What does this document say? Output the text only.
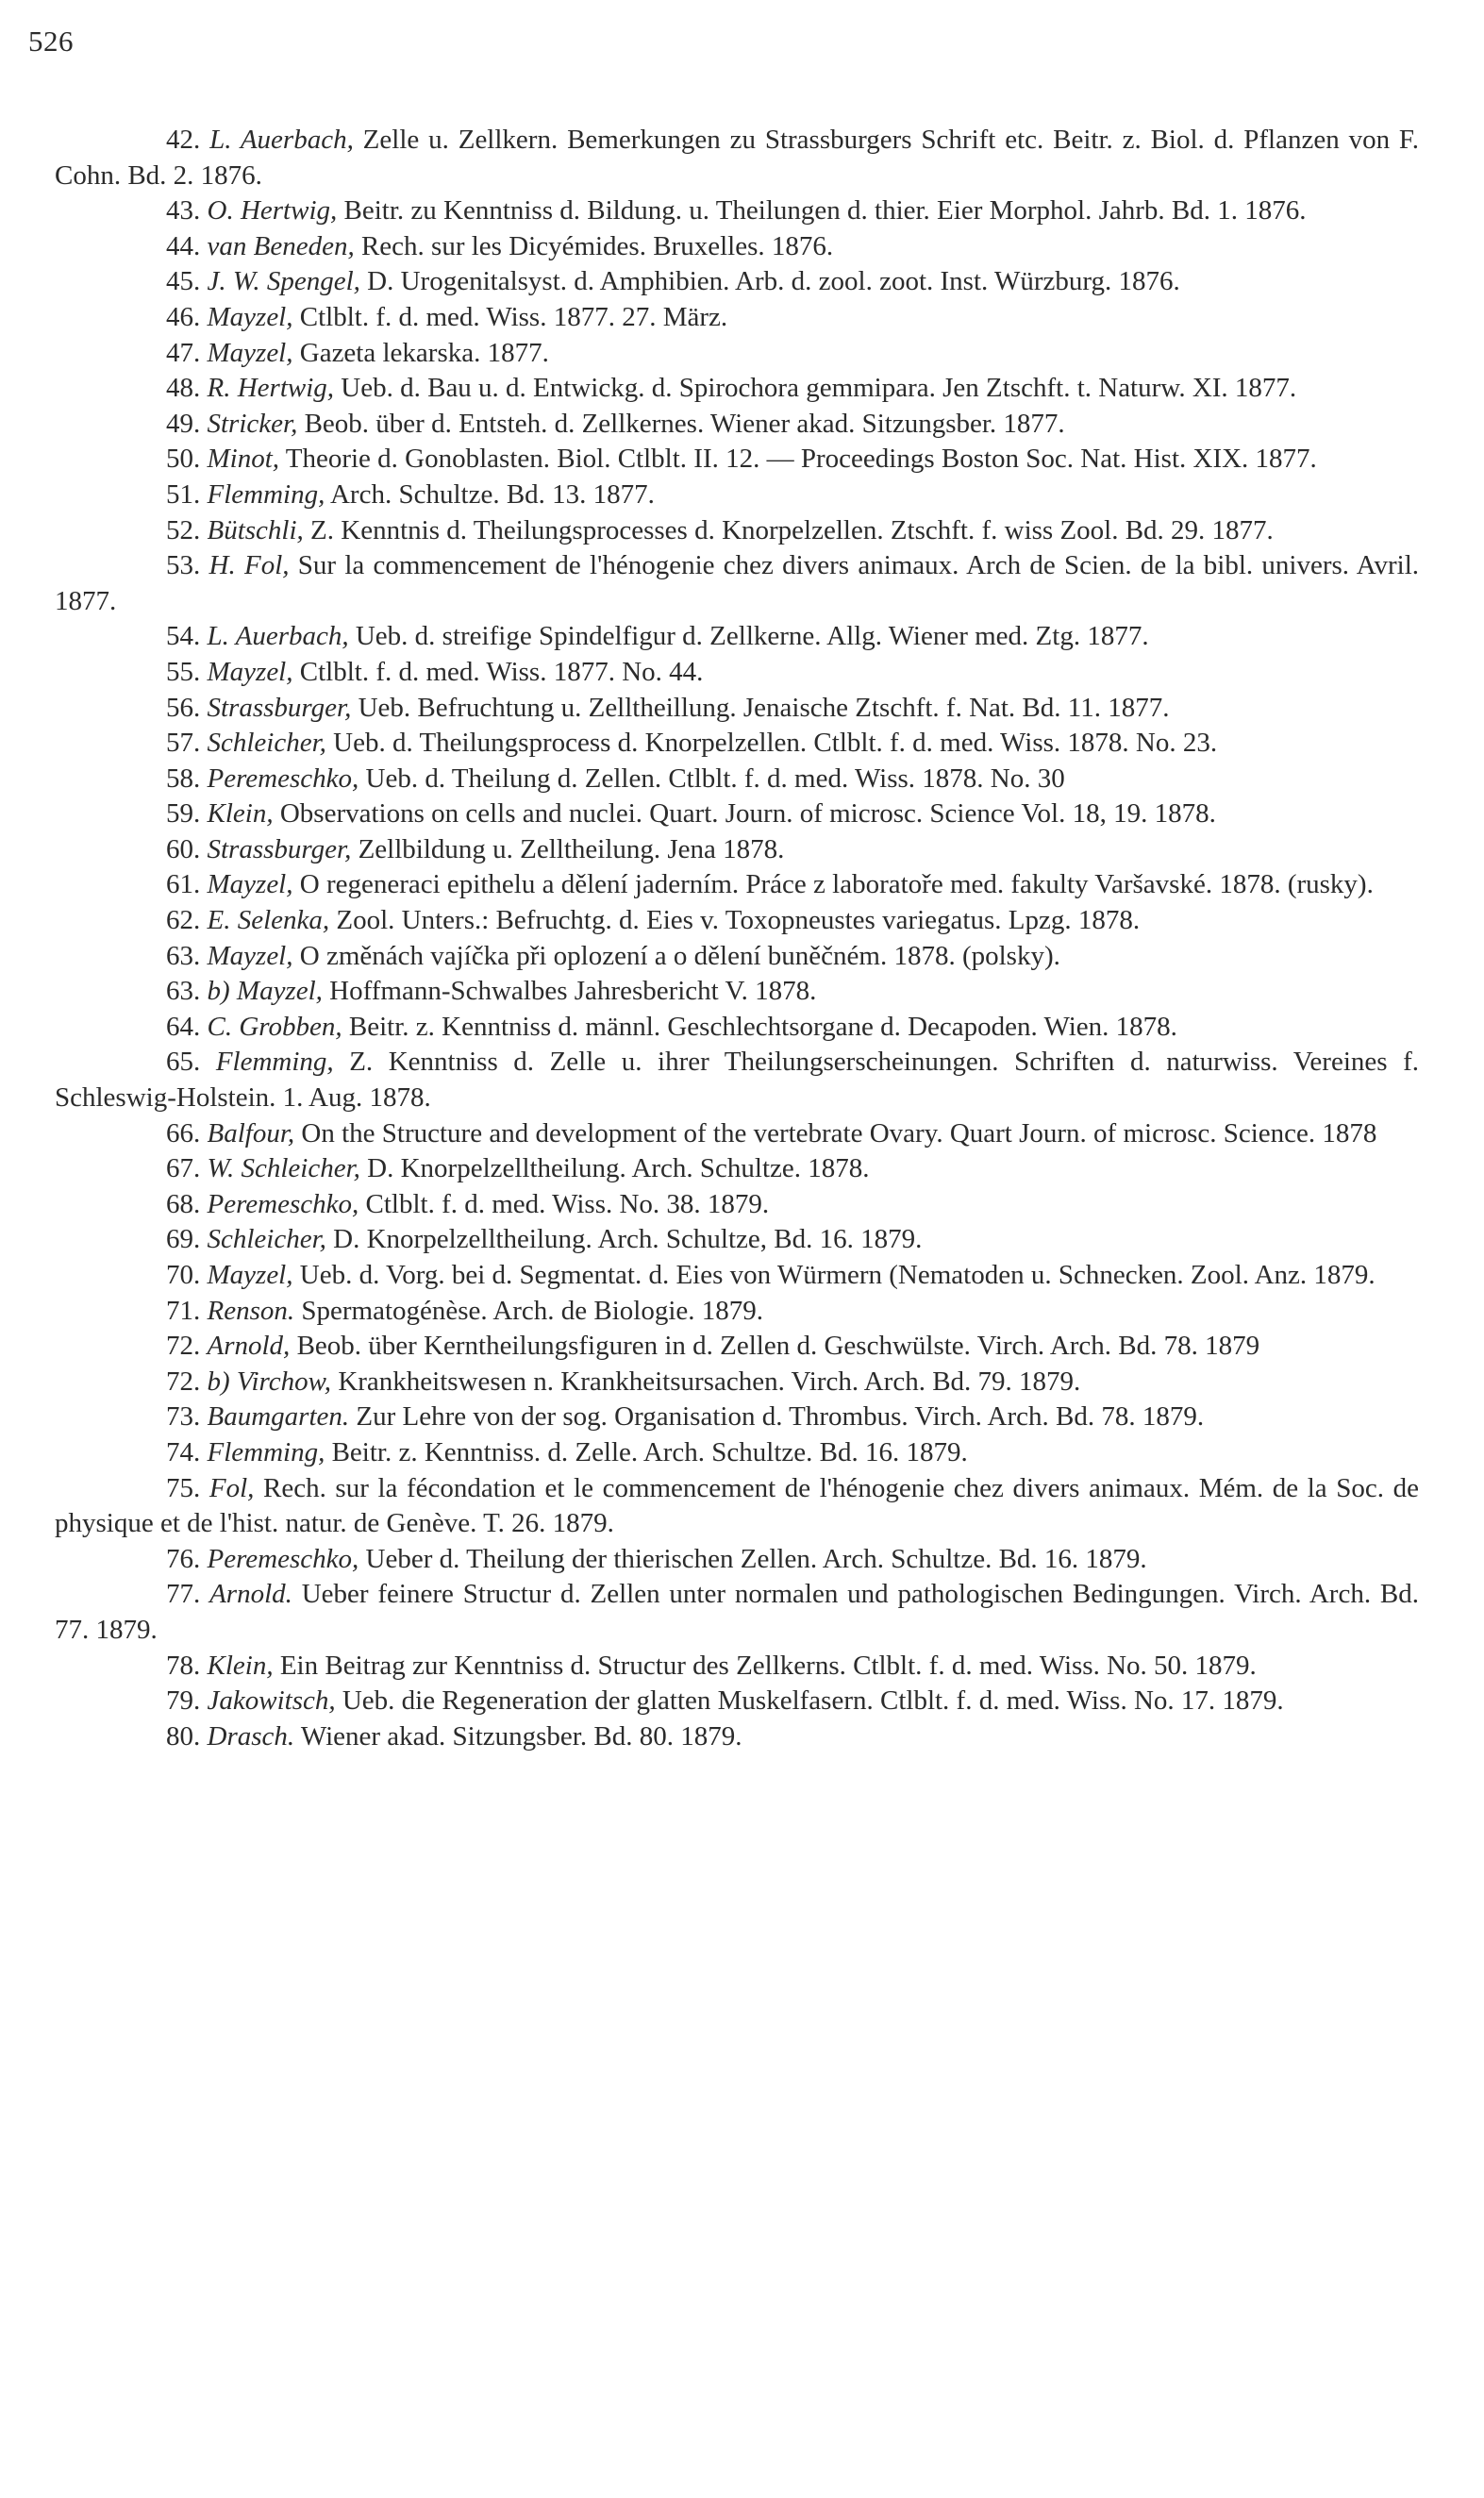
526
42. L. Auerbach, Zelle u. Zellkern. Bemerkungen zu Strassburgers Schrift etc. Beitr. z. Biol. d. Pflanzen von F. Cohn. Bd. 2. 1876.
43. O. Hertwig, Beitr. zu Kenntniss d. Bildung. u. Theilungen d. thier. Eier Morphol. Jahrb. Bd. 1. 1876.
44. van Beneden, Rech. sur les Dicyémides. Bruxelles. 1876.
45. J. W. Spengel, D. Urogenitalsyst. d. Amphibien. Arb. d. zool. zoot. Inst. Würzburg. 1876.
46. Mayzel, Ctlblt. f. d. med. Wiss. 1877. 27. März.
47. Mayzel, Gazeta lekarska. 1877.
48. R. Hertwig, Ueb. d. Bau u. d. Entwickg. d. Spirochora gemmipara. Jen Ztschft. t. Naturw. XI. 1877.
49. Stricker, Beob. über d. Entsteh. d. Zellkernes. Wiener akad. Sitzungsber. 1877.
50. Minot, Theorie d. Gonoblasten. Biol. Ctlblt. II. 12. — Proceedings Boston Soc. Nat. Hist. XIX. 1877.
51. Flemming, Arch. Schultze. Bd. 13. 1877.
52. Bütschli, Z. Kenntnis d. Theilungsprocesses d. Knorpelzellen. Ztschft. f. wiss Zool. Bd. 29. 1877.
53. H. Fol, Sur la commencement de l'hénogenie chez divers animaux. Arch de Scien. de la bibl. univers. Avril. 1877.
54. L. Auerbach, Ueb. d. streifige Spindelfigur d. Zellkerne. Allg. Wiener med. Ztg. 1877.
55. Mayzel, Ctlblt. f. d. med. Wiss. 1877. No. 44.
56. Strassburger, Ueb. Befruchtung u. Zelltheillung. Jenaische Ztschft. f. Nat. Bd. 11. 1877.
57. Schleicher, Ueb. d. Theilungsprocess d. Knorpelzellen. Ctlblt. f. d. med. Wiss. 1878. No. 23.
58. Peremeschko, Ueb. d. Theilung d. Zellen. Ctlblt. f. d. med. Wiss. 1878. No. 30
59. Klein, Observations on cells and nuclei. Quart. Journ. of microsc. Science Vol. 18, 19. 1878.
60. Strassburger, Zellbildung u. Zelltheilung. Jena 1878.
61. Mayzel, O regeneraci epithelu a dělení jaderním. Práce z laboratoře med. fakulty Varšavské. 1878. (rusky).
62. E. Selenka, Zool. Unters.: Befruchtg. d. Eies v. Toxopneustes variegatus. Lpzg. 1878.
63. Mayzel, O změnách vajíčka při oplození a o dělení buněčném. 1878. (polsky).
63. b) Mayzel, Hoffmann-Schwalbes Jahresbericht V. 1878.
64. C. Grobben, Beitr. z. Kenntniss d. männl. Geschlechtsorgane d. Decapoden. Wien. 1878.
65. Flemming, Z. Kenntniss d. Zelle u. ihrer Theilungserscheinungen. Schriften d. naturwiss. Vereines f. Schleswig-Holstein. 1. Aug. 1878.
66. Balfour, On the Structure and development of the vertebrate Ovary. Quart Journ. of microsc. Science. 1878
67. W. Schleicher, D. Knorpelzelltheilung. Arch. Schultze. 1878.
68. Peremeschko, Ctlblt. f. d. med. Wiss. No. 38. 1879.
69. Schleicher, D. Knorpelzelltheilung. Arch. Schultze, Bd. 16. 1879.
70. Mayzel, Ueb. d. Vorg. bei d. Segmentat. d. Eies von Würmern (Nematoden u. Schnecken. Zool. Anz. 1879.
71. Renson. Spermatogénèse. Arch. de Biologie. 1879.
72. Arnold, Beob. über Kerntheilungsfiguren in d. Zellen d. Geschwülste. Virch. Arch. Bd. 78. 1879
72. b) Virchow, Krankheitswesen n. Krankheitsursachen. Virch. Arch. Bd. 79. 1879.
73. Baumgarten. Zur Lehre von der sog. Organisation d. Thrombus. Virch. Arch. Bd. 78. 1879.
74. Flemming, Beitr. z. Kenntniss. d. Zelle. Arch. Schultze. Bd. 16. 1879.
75. Fol, Rech. sur la fécondation et le commencement de l'hénogenie chez divers animaux. Mém. de la Soc. de physique et de l'hist. natur. de Genève. T. 26. 1879.
76. Peremeschko, Ueber d. Theilung der thierischen Zellen. Arch. Schultze. Bd. 16. 1879.
77. Arnold. Ueber feinere Structur d. Zellen unter normalen und pathologischen Bedingungen. Virch. Arch. Bd. 77. 1879.
78. Klein, Ein Beitrag zur Kenntniss d. Structur des Zellkerns. Ctlblt. f. d. med. Wiss. No. 50. 1879.
79. Jakowitsch, Ueb. die Regeneration der glatten Muskelfasern. Ctlblt. f. d. med. Wiss. No. 17. 1879.
80. Drasch. Wiener akad. Sitzungsber. Bd. 80. 1879.
